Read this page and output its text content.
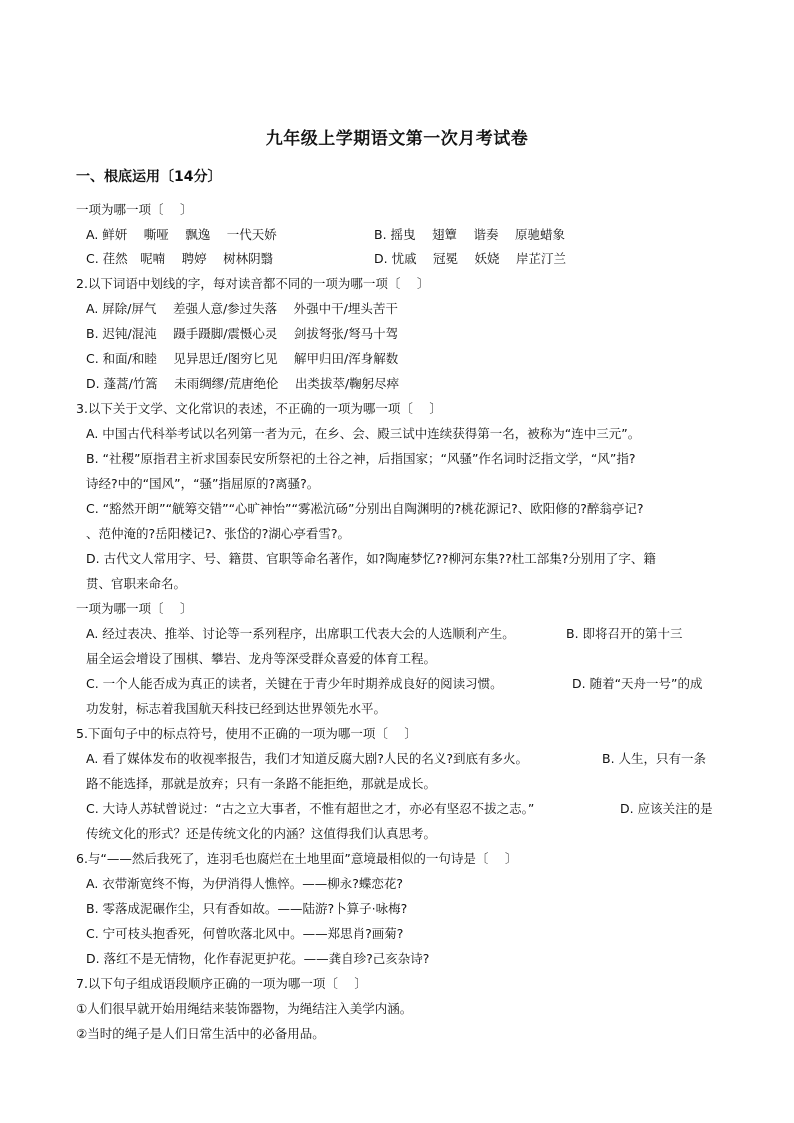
九年级上学期语文第一次月考试卷
一、根底运用〔14分〕
一项为哪一项〔　 〕
A. 鲜妍　 嘶哑　 飘逸　 一代天娇	B. 摇曳　 翅簟　 谐奏　 原驰蜡象
C. 荏然　呢喃　 聘婷　 树林阴翳	D. 忧戚　 冠冕　 妖娆　 岸芷汀兰
2.以下词语中划线的字，每对读音都不同的一项为哪一项〔　 〕
A. 屏除/屏气　 差强人意/参过失落　 外强中干/埋头苦干
B. 迟钝/混沌　 蹑手蹑脚/震慑心灵　 剑拔弩张/弩马十驾
C. 和面/和睦　 见异思迁/图穷匕见　 解甲归田/浑身解数
D. 蓬蒿/竹篙　 未雨绸缪/荒唐绝伦　 出类拔萃/鞠躬尽瘁
3.以下关于文学、文化常识的表述，不正确的一项为哪一项〔　 〕
A. 中国古代科举考试以名列第一者为元，在乡、会、殿三试中连续获得第一名，被称为“连中三元”。
B. “社稷”原指君主祈求国泰民安所祭祀的土谷之神，后指国家；“风骚”作名词时泛指文学，“风”指?
诗经?中的“国风”，“骚”指屈原的?离骚?。
C. “豁然开朗”“觥筹交错”“心旷神怡”“雾凇沆砀”分别出自陶渊明的?桃花源记?、欧阳修的?醉翁亭记?
、范仲淹的?岳阳楼记?、张岱的?湖心亭看雪?。
D. 古代文人常用字、号、籍贯、官职等命名著作，如?陶庵梦忆??柳河东集??杜工部集?分别用了字、籍
贯、官职来命名。
一项为哪一项〔　 〕
A. 经过表决、推举、讨论等一系列程序，出席职工代表大会的人选顺利产生。	B. 即将召开的第十三
届全运会增设了围棋、攀岩、龙舟等深受群众喜爱的体育工程。
C. 一个人能否成为真正的读者，关键在于青少年时期养成良好的阅读习惯。	D. 随着“天舟一号”的成
功发射，标志着我国航天科技已经到达世界领先水平。
5.下面句子中的标点符号，使用不正确的一项为哪一项〔　 〕
A. 看了媒体发布的收视率报告，我们才知道反腐大剧?人民的名义?到底有多火。	B. 人生，只有一条
路不能选择，那就是放弃；只有一条路不能拒绝，那就是成长。
C. 大诗人苏轼曾说过：“古之立大事者，不惟有超世之才，亦必有坚忍不拔之志。”	D. 应该关注的是
传统文化的形式？还是传统文化的内涵？这值得我们认真思考。
6.与“——然后我死了，连羽毛也腐烂在土地里面”意境最相似的一句诗是〔　 〕
A. 衣带渐宽终不悔，为伊消得人憔悴。——柳永?蝶恋花?
B. 零落成泥碾作尘，只有香如故。——陆游?卜算子·咏梅?
C. 宁可枝头抱香死，何曾吹落北风中。——郑思肖?画菊?
D. 落红不是无情物，化作春泥更护花。——龚自珍?己亥杂诗?
7.以下句子组成语段顺序正确的一项为哪一项〔　 〕
①人们很早就开始用绳结来装饰器物，为绳结注入美学内涵。
②当时的绳子是人们日常生活中的必备用品。
